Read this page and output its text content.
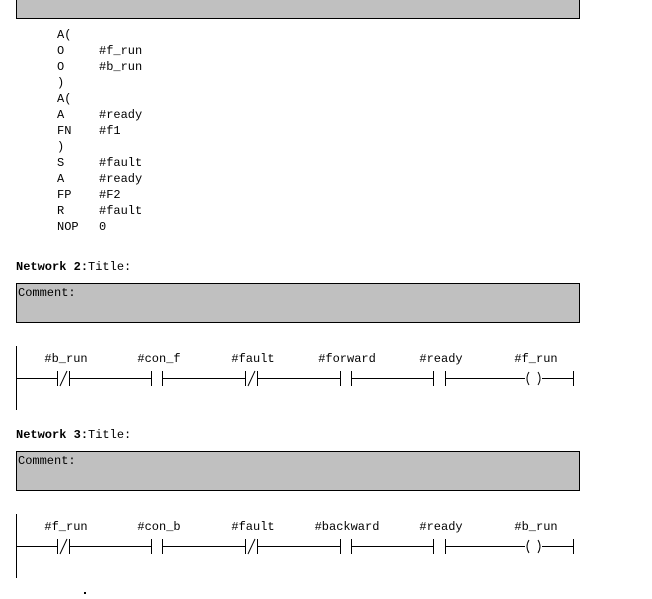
A(
O	#f_run
O	#b_run
)
A(
A	#ready
FN #f1
)
S	#fault
A	#ready
FP #F2
R	#fault
NOP 0
Network 2:Title:
Comment:
#b_run	#con_f	#fault	#forward	#ready	#f_run
Network 3:Title:
Comment:
#f_run	#con_b	#fault	#backward	#ready	#b_run
